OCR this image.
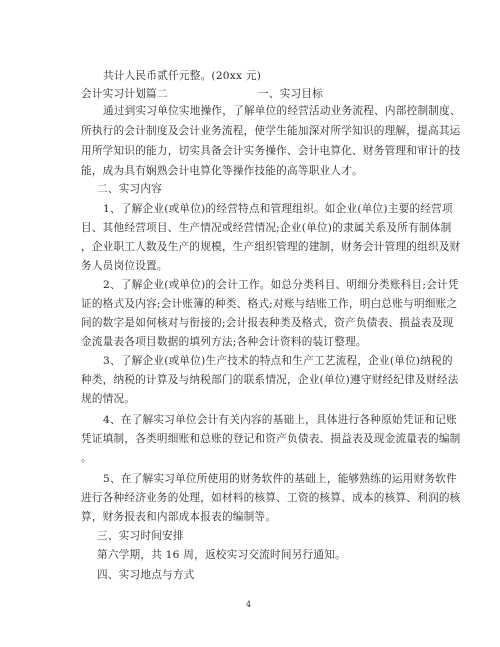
共计人民币贰仟元整。(20xx 元)
会计实习计划篇二	一、实习目标
通过到实习单位实地操作，了解单位的经营活动业务流程、内部控制制度、
所执行的会计制度及会计业务流程，使学生能加深对所学知识的理解，提高其运
用所学知识的能力，切实具备会计实务操作、会计电算化、财务管理和审计的技
能，成为具有娴熟会计电算化等操作技能的高等职业人才。
二、实习内容
1、了解企业(或单位)的经营特点和管理组织。如企业(单位)主要的经营项
目、其他经营项目、生产情况或经营情况;企业(单位)的隶属关系及所有制体制
，企业职工人数及生产的规模，生产组织管理的建制，财务会计管理的组织及财
务人员岗位设置。
2、了解企业(或单位)的会计工作。如总分类科目、明细分类账科目;会计凭
证的格式及内容;会计账簿的种类、格式;对账与结账工作，明白总账与明细账之
间的数字是如何核对与衔接的;会计报表种类及格式，资产负债表、损益表及现
金流量表各项目数据的填列方法;各种会计资料的装订整理。
3、了解企业(或单位)生产技术的特点和生产工艺流程，企业(单位)纳税的
种类，纳税的计算及与纳税部门的联系情况，企业(单位)遵守财经纪律及财经法
规的情况。
4、在了解实习单位会计有关内容的基础上，具体进行各种原始凭证和记账
凭证填制，各类明细账和总账的登记和资产负债表、损益表及现金流量表的编制
。
5、在了解实习单位所使用的财务软件的基础上，能够熟练的运用财务软件
进行各种经济业务的处理，如材料的核算、工资的核算、成本的核算、利润的核
算，财务报表和内部成本报表的编制等。
三、实习时间安排
第六学期，共 16 周，返校实习交流时间另行通知。
四、实习地点与方式
4
